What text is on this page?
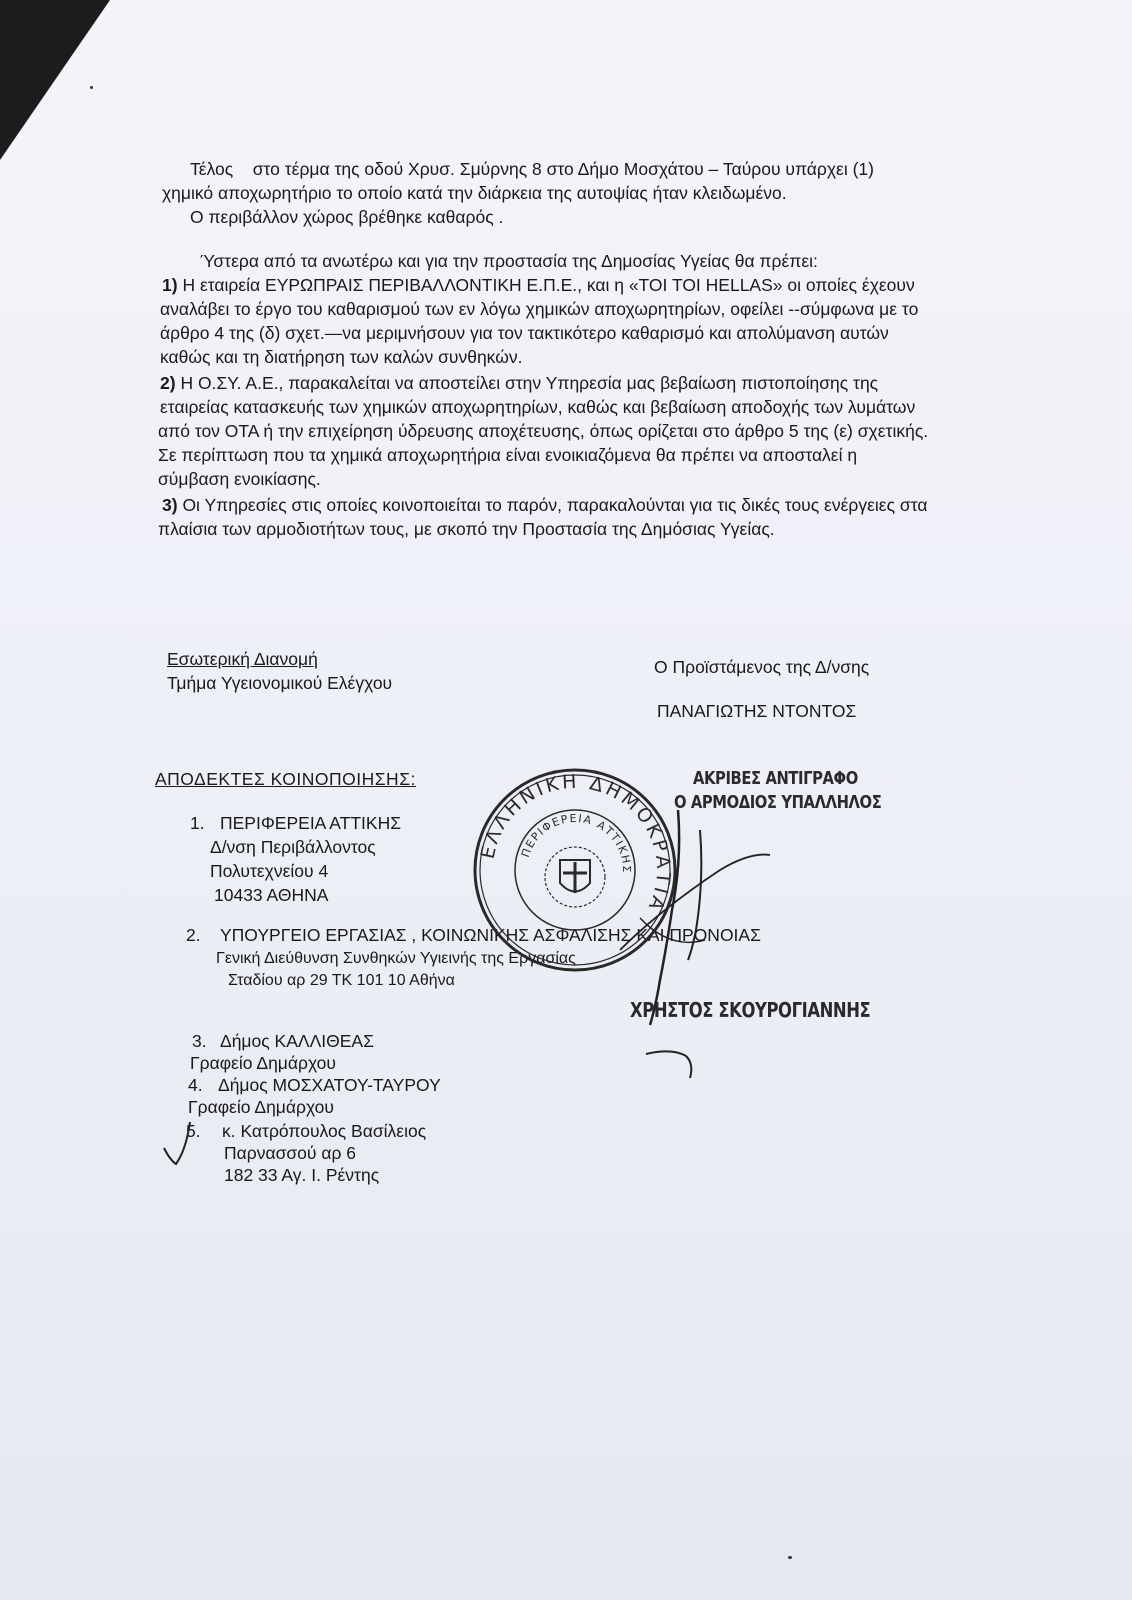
Τέλος στο τέρμα της οδού Χρυσ. Σμύρνης 8 στο Δήμο Μοσχάτου – Ταύρου υπάρχει (1)
χημικό αποχωρητήριο το οποίο κατά την διάρκεια της αυτοψίας ήταν κλειδωμένο.
Ο περιβάλλον χώρος βρέθηκε καθαρός .
Ύστερα από τα ανωτέρω και για την προστασία της Δημοσίας Υγείας θα πρέπει:
1) Η εταιρεία ΕΥΡΩΠΡΑΙΣ ΠΕΡΙΒΑΛΛΟΝΤΙΚΗ Ε.Π.Ε., και η «ΤΟΙ ΤΟΙ HELLAS» οι οποίες έχεουν
αναλάβει το έργο του καθαρισμού των εν λόγω χημικών αποχωρητηρίων, οφείλει --σύμφωνα με το
άρθρο 4 της (δ) σχετ.—να μεριμνήσουν για τον τακτικότερο καθαρισμό και απολύμανση αυτών
καθώς και τη διατήρηση των καλών συνθηκών.
2) Η Ο.ΣΥ. Α.Ε., παρακαλείται να αποστείλει στην Υπηρεσία μας βεβαίωση πιστοποίησης της
εταιρείας κατασκευής των χημικών αποχωρητηρίων, καθώς και βεβαίωση αποδοχής των λυμάτων
από τον ΟΤΑ ή την επιχείρηση ύδρευσης αποχέτευσης, όπως ορίζεται στο άρθρο 5 της (ε) σχετικής.
Σε περίπτωση που τα χημικά αποχωρητήρια είναι ενοικιαζόμενα θα πρέπει να αποσταλεί η
σύμβαση ενοικίασης.
3) Οι Υπηρεσίες στις οποίες κοινοποιείται το παρόν, παρακαλούνται για τις δικές τους ενέργειες στα
πλαίσια των αρμοδιοτήτων τους, με σκοπό την Προστασία της Δημόσιας Υγείας.
Εσωτερική Διανομή
Τμήμα Υγειονομικού Ελέγχου
Ο Προϊστάμενος της Δ/νσης
ΠΑΝΑΓΙΩΤΗΣ ΝΤΟΝΤΟΣ
ΑΠΟΔΕΚΤΕΣ ΚΟΙΝΟΠΟΙΗΣΗΣ:
1. ΠΕΡΙΦΕΡΕΙΑ ΑΤΤΙΚΗΣ
Δ/νση Περιβάλλοντος
Πολυτεχνείου 4
10433 ΑΘΗΝΑ
2. ΥΠΟΥΡΓΕΙΟ ΕΡΓΑΣΙΑΣ , ΚΟΙΝΩΝΙΚΗΣ ΑΣΦΑΛΙΣΗΣ ΚΑΙ ΠΡΟΝΟΙΑΣ
Γενική Διεύθυνση Συνθηκών Υγιεινής της Εργασίας
Σταδίου αρ 29 ΤΚ 101 10 Αθήνα
3. Δήμος ΚΑΛΛΙΘΕΑΣ
Γραφείο Δημάρχου
4. Δήμος ΜΟΣΧΑΤΟΥ-ΤΑΥΡΟΥ
Γραφείο Δημάρχου
5. κ. Κατρόπουλος Βασίλειος
Παρνασσού αρ 6
182 33 Αγ. Ι. Ρέντης
ΕΛΛΗΝΙΚΗ ΔΗΜΟΚΡΑΤΙΑ
ΠΕΡΙΦΕΡΕΙΑ ΑΤΤΙΚΗΣ
ΑΚΡΙΒΕΣ ΑΝΤΙΓΡΑΦΟ
Ο ΑΡΜΟΔΙΟΣ ΥΠΑΛΛΗΛΟΣ
ΧΡΗΣΤΟΣ ΣΚΟΥΡΟΓΙΑΝΝΗΣ
